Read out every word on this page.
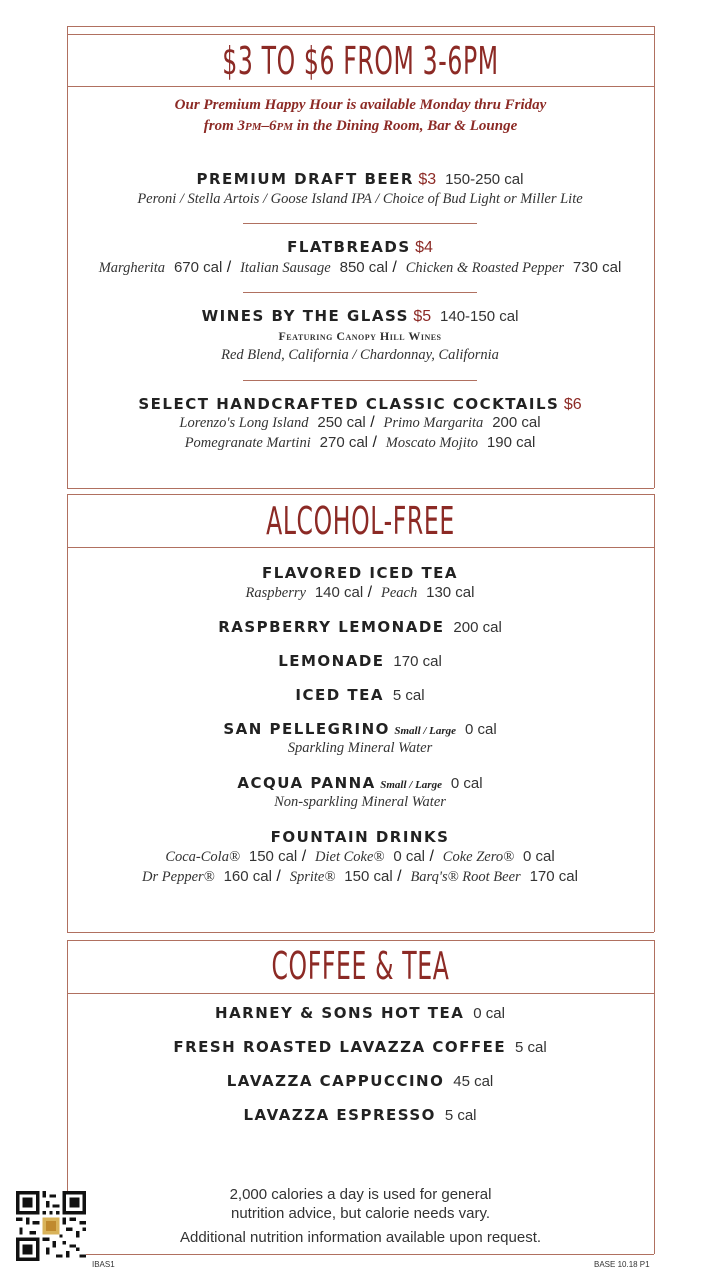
$3 TO $6 FROM 3-6PM
Our Premium Happy Hour is available Monday thru Friday
from 3pm–6pm in the Dining Room, Bar & Lounge
PREMIUM DRAFT BEER $3 150-250 cal
Peroni / Stella Artois / Goose Island IPA / Choice of Bud Light or Miller Lite
FLATBREADS $4
Margherita 670 cal /  Italian Sausage 850 cal /  Chicken & Roasted Pepper 730 cal
WINES BY THE GLASS $5 140-150 cal
Featuring Canopy Hill Wines
Red Blend, California / Chardonnay, California
SELECT HANDCRAFTED CLASSIC COCKTAILS $6
Lorenzo's Long Island 250 cal /  Primo Margarita 200 cal
Pomegranate Martini 270 cal /  Moscato Mojito 190 cal
ALCOHOL-FREE
FLAVORED ICED TEA
Raspberry 140 cal /  Peach 130 cal
RASPBERRY LEMONADE 200 cal
LEMONADE 170 cal
ICED TEA 5 cal
SAN PELLEGRINO Small / Large 0 cal
Sparkling Mineral Water
ACQUA PANNA Small / Large 0 cal
Non-sparkling Mineral Water
FOUNTAIN DRINKS
Coca-Cola® 150 cal /  Diet Coke® 0 cal /  Coke Zero® 0 cal
Dr Pepper® 160 cal /  Sprite® 150 cal /  Barq's® Root Beer 170 cal
COFFEE & TEA
HARNEY & SONS HOT TEA 0 cal
FRESH ROASTED LAVAZZA COFFEE 5 cal
LAVAZZA CAPPUCCINO 45 cal
LAVAZZA ESPRESSO 5 cal
2,000 calories a day is used for general
nutrition advice, but calorie needs vary.
Additional nutrition information available upon request.
IBAS1	BASE 10.18 P1
